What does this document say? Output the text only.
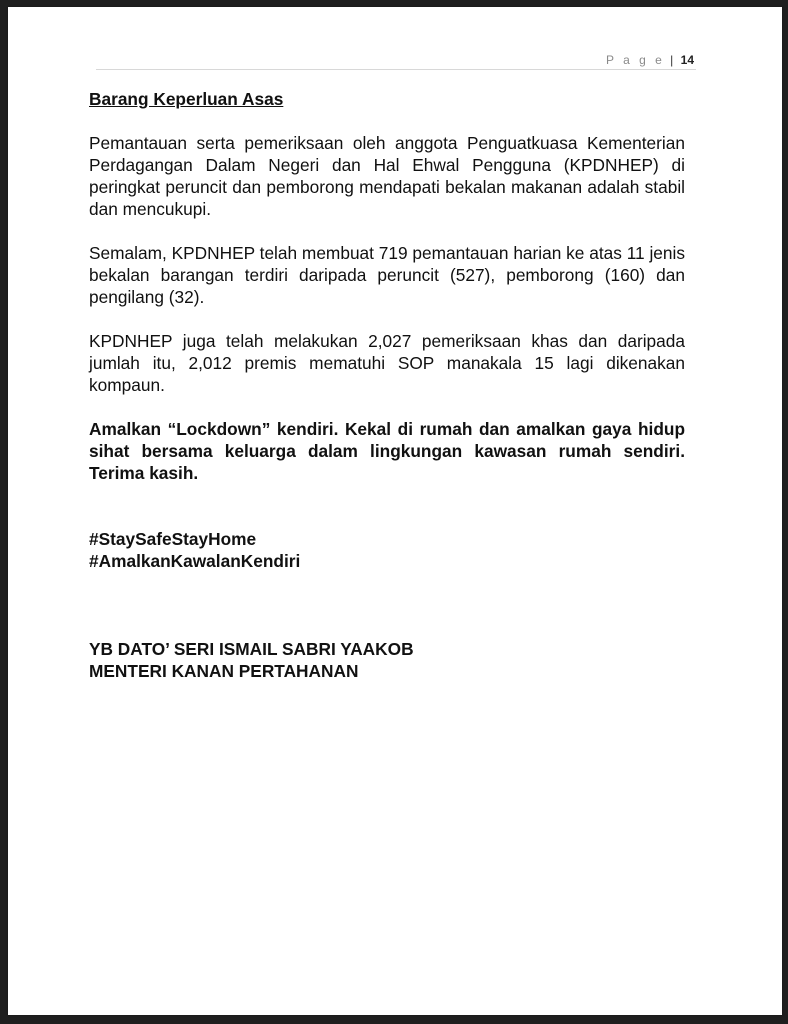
P a g e | 14

Barang Keperluan Asas

Pemantauan serta pemeriksaan oleh anggota Penguatkuasa Kementerian Perdagangan Dalam Negeri dan Hal Ehwal Pengguna (KPDNHEP) di peringkat peruncit dan pemborong mendapati bekalan makanan adalah stabil dan mencukupi.

Semalam, KPDNHEP telah membuat 719 pemantauan harian ke atas 11 jenis bekalan barangan terdiri daripada peruncit (527), pemborong (160) dan pengilang (32).

KPDNHEP juga telah melakukan 2,027 pemeriksaan khas dan daripada jumlah itu, 2,012 premis mematuhi SOP manakala 15 lagi dikenakan kompaun.

Amalkan “Lockdown” kendiri. Kekal di rumah dan amalkan gaya hidup sihat bersama keluarga dalam lingkungan kawasan rumah sendiri. Terima kasih.

#StaySafeStayHome
#AmalkanKawalanKendiri
YB DATO’ SERI ISMAIL SABRI YAAKOB
MENTERI KANAN PERTAHANAN
